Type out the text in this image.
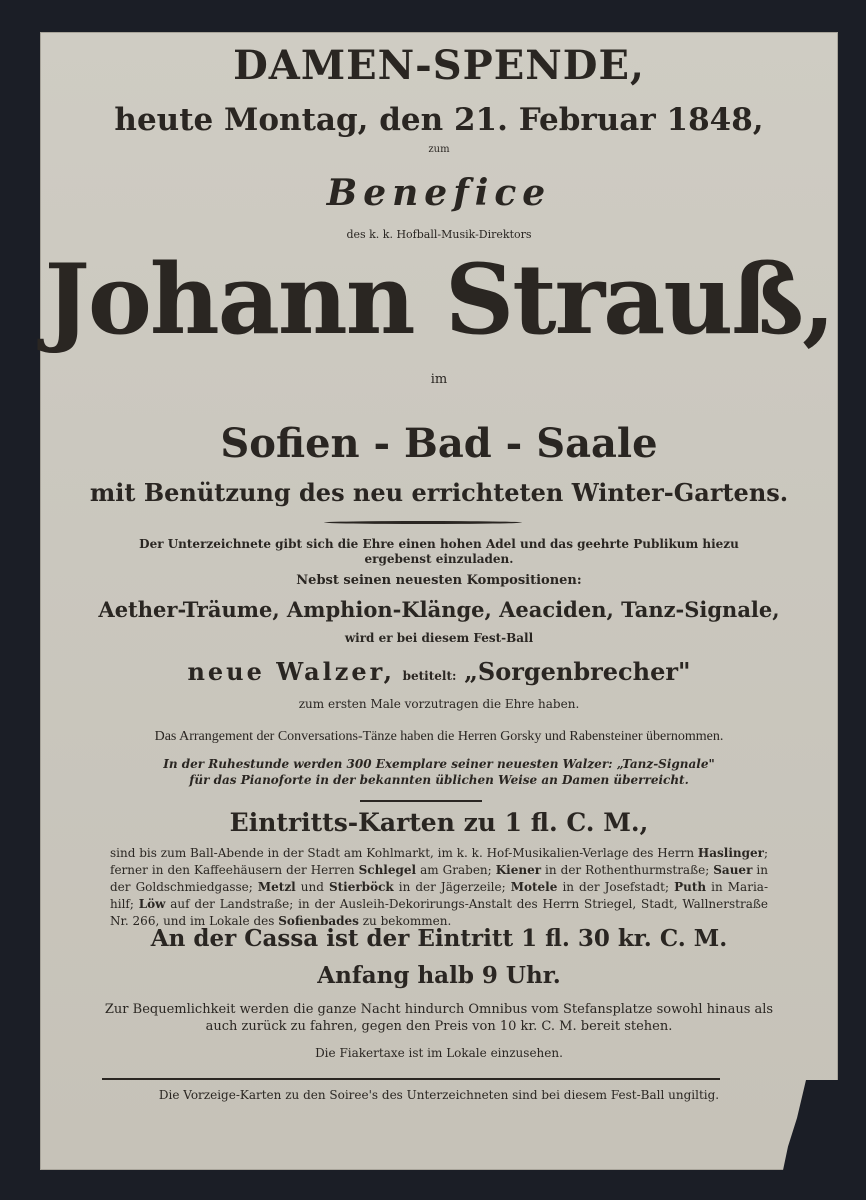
DAMEN-SPENDE,
heute Montag, den 21. Februar 1848,
zum
Benefice
des k. k. Hofball-Musik-Direktors
Johann Strauß,
im
Sofien - Bad - Saale
mit Benützung des neu errichteten Winter-Gartens.
Der Unterzeichnete gibt sich die Ehre einen hohen Adel und das geehrte Publikum hiezu
ergebenst einzuladen.
Nebst seinen neuesten Kompositionen:
Aether-Träume, Amphion-Klänge, Aeaciden, Tanz-Signale,
wird er bei diesem Fest-Ball
neue Walzer, betitelt: „Sorgenbrecher"
zum ersten Male vorzutragen die Ehre haben.
Das Arrangement der Conversations-Tänze haben die Herren Gorsky und Rabensteiner übernommen.
In der Ruhestunde werden 300 Exemplare seiner neuesten Walzer: „Tanz-Signale"
für das Pianoforte in der bekannten üblichen Weise an Damen überreicht.
Eintritts-Karten zu 1 fl. C. M.,
sind bis zum Ball-Abende in der Stadt am Kohlmarkt, im k. k. Hof-Musikalien-Verlage des Herrn Haslinger; ferner in den Kaffeehäusern der Herren Schlegel am Graben; Kiener in der Rothenthurmstraße; Sauer in der Goldschmiedgasse; Metzl und Stierböck in der Jägerzeile; Motele in der Josefstadt; Puth in Maria-hilf; Löw auf der Landstraße; in der Ausleih-Dekorirungs-Anstalt des Herrn Striegel, Stadt, Wallnerstraße Nr. 266, und im Lokale des Sofienbades zu bekommen.
An der Cassa ist der Eintritt 1 fl. 30 kr. C. M.
Anfang halb 9 Uhr.
Zur Bequemlichkeit werden die ganze Nacht hindurch Omnibus vom Stefansplatze sowohl hinaus als
auch zurück zu fahren, gegen den Preis von 10 kr. C. M. bereit stehen.
Die Fiakertaxe ist im Lokale einzusehen.
Die Vorzeige-Karten zu den Soiree's des Unterzeichneten sind bei diesem Fest-Ball ungiltig.
